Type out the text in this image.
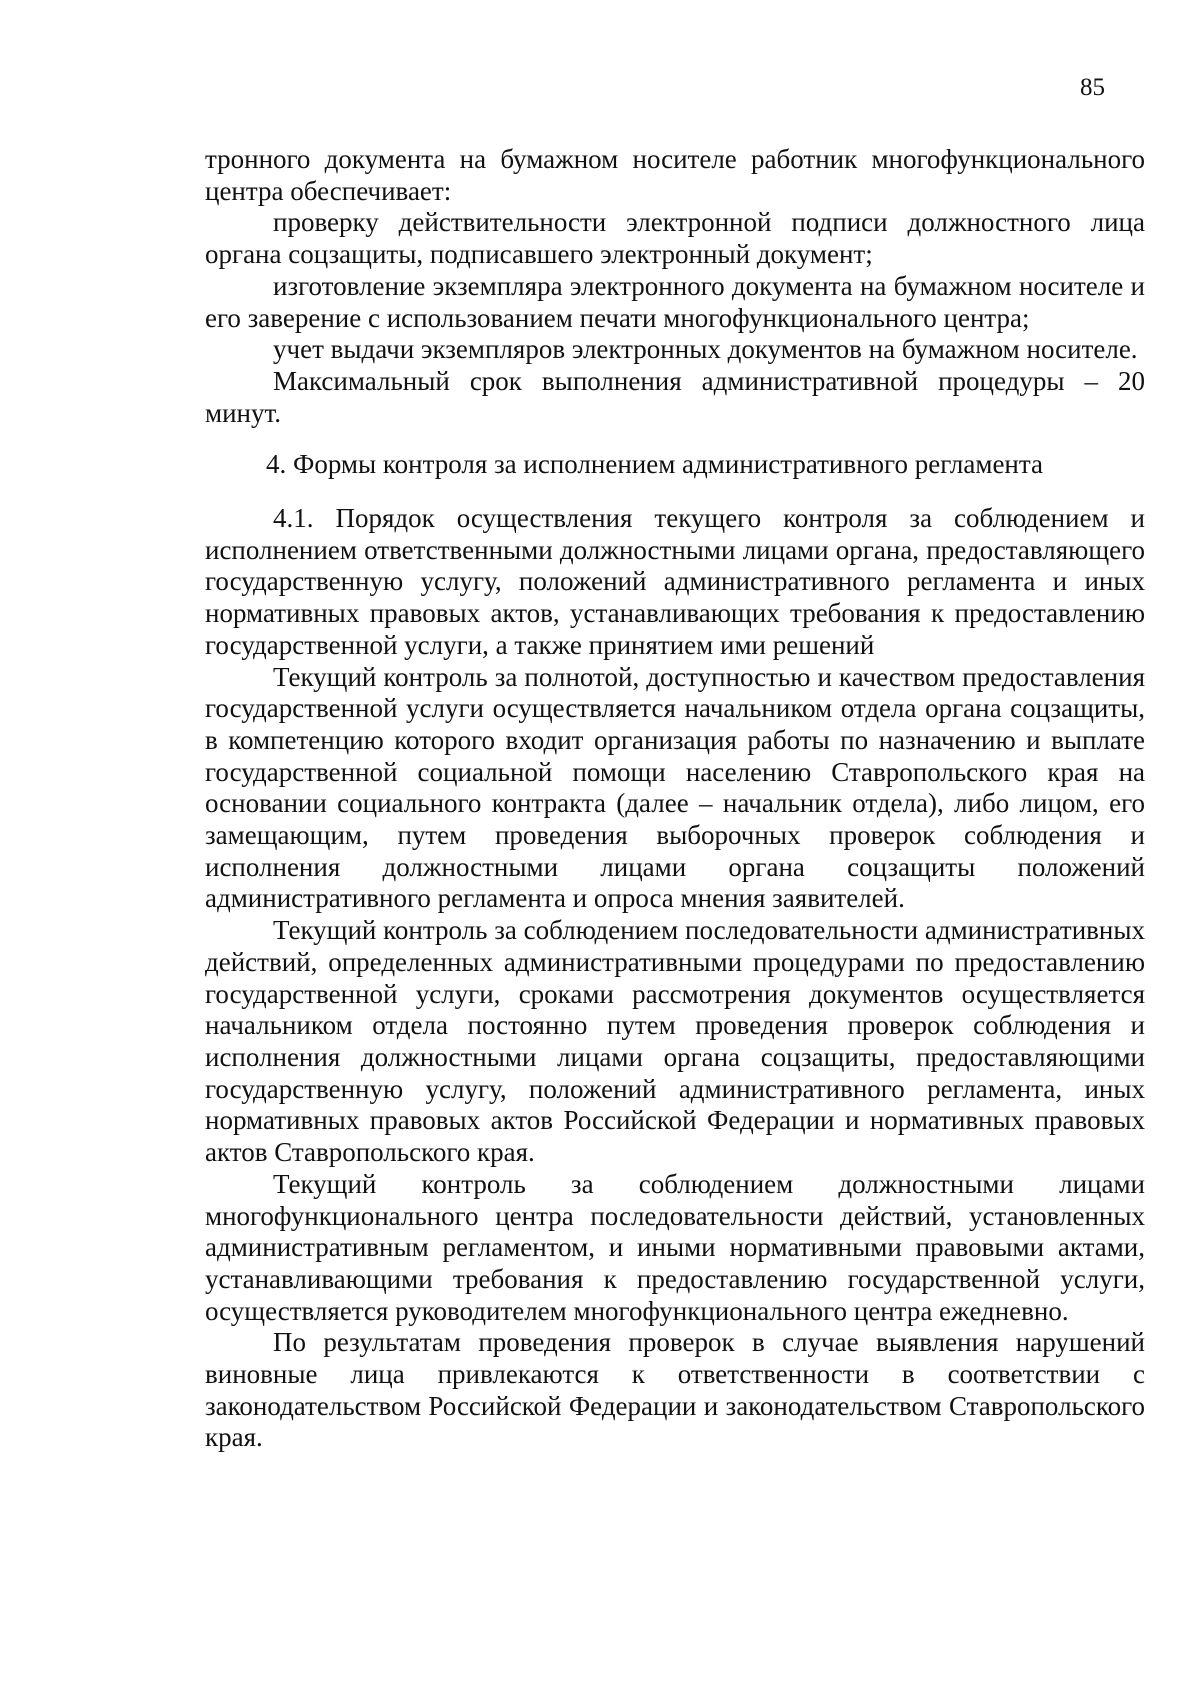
85

тронного документа на бумажном носителе работник многофункционального центра обеспечивает:

проверку действительности электронной подписи должностного лица органа соцзащиты, подписавшего электронный документ;

изготовление экземпляра электронного документа на бумажном носителе и его заверение с использованием печати многофункционального центра;

учет выдачи экземпляров электронных документов на бумажном носителе.

Максимальный срок выполнения административной процедуры – 20 минут.

4. Формы контроля за исполнением административного регламента

4.1. Порядок осуществления текущего контроля за соблюдением и исполнением ответственными должностными лицами органа, предоставляющего государственную услугу, положений административного регламента и иных нормативных правовых актов, устанавливающих требования к предоставлению государственной услуги, а также принятием ими решений

Текущий контроль за полнотой, доступностью и качеством предоставления государственной услуги осуществляется начальником отдела органа соцзащиты, в компетенцию которого входит организация работы по назначению и выплате государственной социальной помощи населению Ставропольского края на основании социального контракта (далее – начальник отдела), либо лицом, его замещающим, путем проведения выборочных проверок соблюдения и исполнения должностными лицами органа соцзащиты положений административного регламента и опроса мнения заявителей.

Текущий контроль за соблюдением последовательности административных действий, определенных административными процедурами по предоставлению государственной услуги, сроками рассмотрения документов осуществляется начальником отдела постоянно путем проведения проверок соблюдения и исполнения должностными лицами органа соцзащиты, предоставляющими государственную услугу, положений административного регламента, иных нормативных правовых актов Российской Федерации и нормативных правовых актов Ставропольского края.

Текущий контроль за соблюдением должностными лицами многофункционального центра последовательности действий, установленных административным регламентом, и иными нормативными правовыми актами, устанавливающими требования к предоставлению государственной услуги, осуществляется руководителем многофункционального центра ежедневно.

По результатам проведения проверок в случае выявления нарушений виновные лица привлекаются к ответственности в соответствии с законодательством Российской Федерации и законодательством Ставропольского края.
